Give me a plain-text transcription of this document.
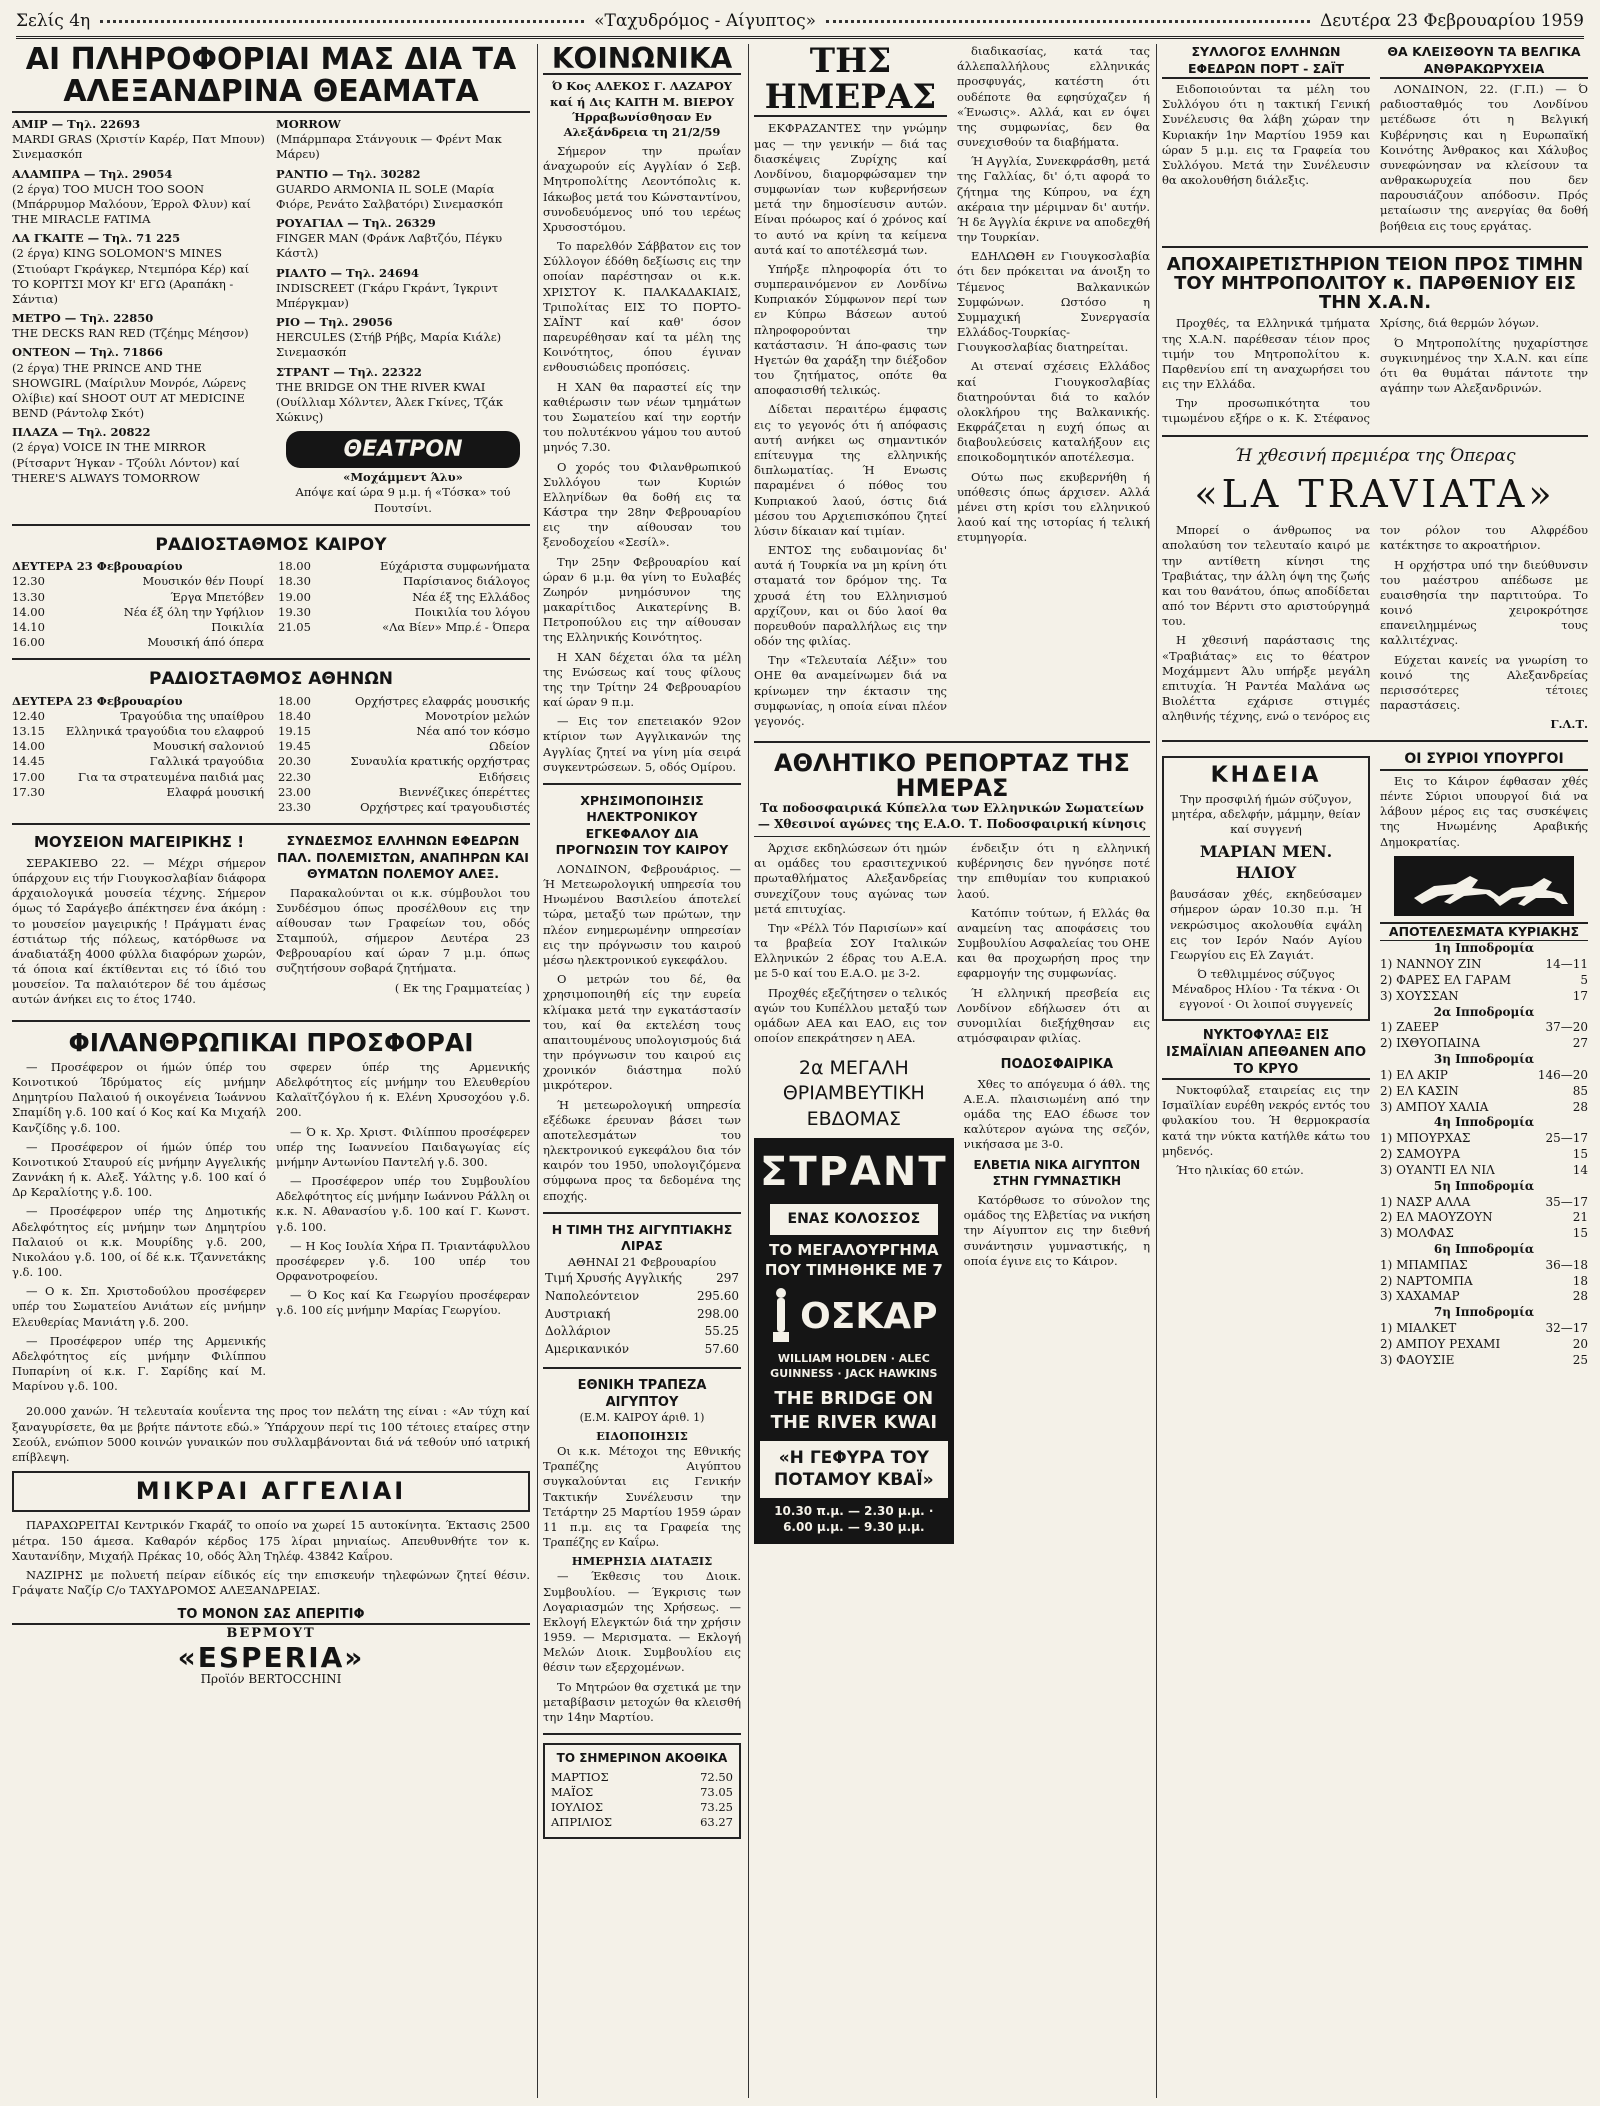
Σελίς 4η	«Ταχυδρόμος - Αίγυπτος»	Δευτέρα 23 Φεβρουαρίου 1959
ΑΙ ΠΛΗΡΟΦΟΡΙΑΙ ΜΑΣ ΔΙΑ ΤΑ ΑΛΕΞΑΝΔΡΙΝΑ ΘΕΑΜΑΤΑ
ΑΜΙΡ — Τηλ. 22693
MARDI GRAS (Χριστίν Καρέρ, Πατ Μπουν) Σινεμασκόπ
ΑΛΑΜΠΡΑ — Τηλ. 29054
(2 έργα) TOO MUCH TOO SOON (Μπάρρυμορ Μαλόουν, Έρρολ Φλυν) καί THE MIRACLE FATIMA
ΛΑ ΓΚΑΙΤΕ — Τηλ. 71 225
(2 έργα) KING SOLOMON'S MINES (Στιούαρτ Γκράγκερ, Ντεμπόρα Κέρ) καί ΤΟ ΚΟΡΙΤΣΙ ΜΟΥ ΚΙ' ΕΓΩ (Αραπάκη - Σάντια)
ΜΕΤΡΟ — Τηλ. 22850
THE DECKS RAN RED (Τζέημς Μέησον)
ΟΝΤΕΟΝ — Τηλ. 71866
(2 έργα) THE PRINCE AND THE SHOWGIRL (Μαίριλυν Μονρόε, Λώρενς Ολίβιε) καί SHOOT OUT AT MEDICINE BEND (Ράντολφ Σκότ)
ΠΛΑΖΑ — Τηλ. 20822
(2 έργα) VOICE IN THE MIRROR (Ρίτσαρντ Ήγκαν - Τζούλι Λόντον) καί THERE'S ALWAYS TOMORROW
MORROW
(Μπάρμπαρα Στάνγουικ — Φρέντ Μακ Μάρευ)
ΡΑΝΤΙΟ — Τηλ. 30282
GUARDO ARMONIA IL SOLE (Μαρία Φιόρε, Ρενάτο Σαλβατόρι) Σινεμασκόπ
ΡΟΥΑΓΙΑΛ — Τηλ. 26329
FINGER MAN (Φράνκ Λαβτζόυ, Πέγκυ Κάστλ)
ΡΙΑΛΤΟ — Τηλ. 24694
INDISCREET (Γκάρυ Γκράντ, Ίγκριντ Μπέργκμαν)
ΡΙΟ — Τηλ. 29056
HERCULES (Στήβ Ρήβς, Μαρία Κιάλε) Σινεμασκόπ
ΣΤΡΑΝΤ — Τηλ. 22322
THE BRIDGE ON THE RIVER KWAI (Ουίλλιαμ Χόλντεν, Άλεκ Γκίνες, Τζάκ Χώκινς)
ΘΕΑΤΡΟΝ
«Μοχάμμεντ Άλυ»
Απόψε καί ώρα 9 μ.μ. ή «Τόσκα» τού Πουτσίνι.
ΡΑΔΙΟΣΤΑΘΜΟΣ ΚΑΙΡΟΥ
ΔΕΥΤΕΡΑ 23 Φεβρουαρίου
12.30	Μουσικόν θέν Πουρί
13.30	Έργα Μπετόβεν
14.00	Νέα έξ όλη την Υφήλιον
14.10	Ποικιλία
16.00	Μουσική άπό όπερα
18.00	Εύχάριστα συμφωνήματα
18.30	Παρίσιανος διάλογος
19.00	Νέα έξ της Ελλάδος
19.30	Ποικιλία του λόγου
21.05	«Λα Βίεν» Μπρ.έ - Όπερα
ΡΑΔΙΟΣΤΑΘΜΟΣ ΑΘΗΝΩΝ
ΔΕΥΤΕΡΑ 23 Φεβρουαρίου
12.40	Τραγούδια της υπαίθρου
13.15 Ελληνικά τραγούδια του ελαφρού
14.00	Μουσική σαλονιού
14.45	Γαλλικά τραγούδια
17.00	Για τα στρατευμένα παιδιά μας
17.30	Ελαφρά μουσική
18.00	Ορχήστρες ελαφράς μουσικής
18.40	Μονοτρίον μελών
19.15	Νέα από τον κόσμο
19.45	Ωδείον
20.30	Συναυλία κρατικής ορχήστρας
22.30	Ειδήσεις
23.00	Βιεννέζικες όπερέττες
23.30	Ορχήστρες καί τραγουδιστές
ΜΟΥΣΕΙΟΝ ΜΑΓΕΙΡΙΚΗΣ !

ΣΕΡΑΚΙΕΒΟ 22. — Μέχρι σήμερον ύπάρχουν εις τήν Γιουγκοσλαβίαν διάφορα άρχαιολογικά μουσεία τέχνης. Σήμερον όμως τό Σαράγεβο άπέκτησεν ένα άκόμη : το μουσείον μαγειρικής ! Πράγματι ένας έστιάτωρ τής πόλεως, κατόρθωσε να άναδιατάξη 4000 φύλλα διαφόρων χωρών, τά όποια καί έκτίθενται εις τό ίδιό του μουσείον. Τα παλαιότερον δέ του άμέσως αυτών άνήκει εις το έτος 1740.

ΣΥΝΔΕΣΜΟΣ ΕΛΛΗΝΩΝ ΕΦΕΔΡΩΝ ΠΑΛ. ΠΟΛΕΜΙΣΤΩΝ, ΑΝΑΠΗΡΩΝ ΚΑΙ ΘΥΜΑΤΩΝ ΠΟΛΕΜΟΥ ΑΛΕΞ.

Παρακαλούνται οι κ.κ. σύμβουλοι του Συνδέσμου όπως προσέλθουν εις την αίθουσαν των Γραφείων του, οδός Σταμπούλ, σήμερον Δευτέρα 23 Φεβρουαρίου καί ώραν 7 μ.μ. όπως συζητήσουν σοβαρά ζητήματα.

( Εκ της Γραμματείας )
ΦΙΛΑΝΘΡΩΠΙΚΑΙ ΠΡΟΣΦΟΡΑΙ

— Προσέφερον οι ήμών ύπέρ του Κοινοτικού Ίδρύματος είς μνήμην Δημητρίου Παλαιού ή οικογένεια Ίωάννου Σπαμίδη γ.δ. 100 καί ό Κος καί Κα Μιχαήλ Κανζίδης γ.δ. 100.

— Προσέφερον οί ήμών ύπέρ του Κοινοτικού Σταυρού είς μνήμην Αγγελικής Ζαννάκη ή κ. Αλεξ. Υάλτης γ.δ. 100 καί ό Δρ Κεραλίοτης γ.δ. 100.

— Προσέφερον υπέρ της Δημοτικής Αδελφότητος είς μνήμην των Δημητρίου Παλαιού οι κ.κ. Μουρίδης γ.δ. 200, Νικολάου γ.δ. 100, οί δέ κ.κ. Τζαννετάκης γ.δ. 100.

— Ο κ. Σπ. Χριστοδούλου προσέφερεν υπέρ του Σωματείου Ανιάτων είς μνήμην Ελευθερίας Μανιάτη γ.δ. 200.

— Προσέφερον υπέρ της Αρμενικής Αδελφότητος είς μνήμην Φιλίππου Πυπαρίνη οί κ.κ. Γ. Σαρίδης καί Μ. Μαρίνου γ.δ. 100.

σφερεν ύπέρ της Αρμενικής Αδελφότητος είς μνήμην του Ελευθερίου Καλαϊτζόγλου ή κ. Ελένη Χρυσοχόου γ.δ. 200.

— Ό κ. Χρ. Χριστ. Φιλίππου προσέφερεν υπέρ της Ιωαννείου Παιδαγωγίας είς μνήμην Αντωνίου Παντελή γ.δ. 300.

— Προσέφερον υπέρ του Συμβουλίου Αδελφότητος είς μνήμην Ιωάννου Ράλλη οι κ.κ. Ν. Αθανασίου γ.δ. 100 καί Γ. Κωνστ. γ.δ. 100.

— Η Κος Ιουλία Χήρα Π. Τριαντάφυλλου προσέφερεν γ.δ. 100 υπέρ του Ορφανοτροφείου.

— Ό Κος καί Κα Γεωργίου προσέφεραν γ.δ. 100 είς μνήμην Μαρίας Γεωργίου.

20.000 χανών. Ή τελευταία κουΐεντα της προς τον πελάτη της είναι : «Αν τύχη καί ξαναγυρίσετε, θα με βρήτε πάντοτε εδώ.» Ύπάρχουν περί τις 100 τέτοιες εταίρες στην Σεούλ, ενώπιον 5000 κοινών γυναικών που συλλαμβάνονται διά νά τεθούν υπό ιατρική επίβλεψη.

ΜΙΚΡΑΙ ΑΓΓΕΛΙΑΙ

ΠΑΡΑΧΩΡΕΙΤΑΙ Κεντρικόν Γκαράζ το οποίο να χωρεί 15 αυτοκίνητα. Έκτασις 2500 μέτρα. 150 άμεσα. Καθαρόν κέρδος 175 λίραι μηνιαίως. Απευθυνθήτε τον κ. Χαυτανίδην, Μιχαήλ Πρέκας 10, οδός Άλη Τηλέφ. 43842 Καΐρου.

ΝΑΖΙΡΗΣ με πολυετή πείραν είδικός είς την επισκευήν τηλεφώνων ζητεί θέσιν. Γράψατε Ναζίρ C/o ΤΑΧΥΔΡΟΜΟΣ ΑΛΕΞΑΝΔΡΕΙΑΣ.

ΤΟ ΜΟΝΟΝ ΣΑΣ ΑΠΕΡΙΤΙΦ
ΒΕΡΜΟΥΤ
«ESPERIA»
Προϊόν BERTOCCHINI
ΚΟΙΝΩΝΙΚΑ
Ό Κος ΑΛΕΚΟΣ Γ. ΛΑΖΑΡΟΥ καί ή Δις ΚΑΙΤΗ Μ. ΒΙΕΡΟΥ Ήρραβωνίσθησαν Εν Αλεξάνδρεια τη 21/2/59

Σήμερον την πρωΐαν άναχωρούν είς Αγγλίαν ό Σεβ. Μητροπολίτης Λεοντόπολις κ. Ιάκωβος μετά του Κώνσταντίνου, συνοδευόμενος υπό του ιερέως Χρυσοστόμου.

Το παρελθόν Σάββατον εις τον Σύλλογον έδόθη δεξίωσις εις την οποίαν παρέστησαν οι κ.κ. ΧΡΙΣΤΟΥ Κ. ΠΑΛΚΑΔΑΚΙΑΙΣ, Τριπολίτας ΕΙΣ ΤΟ ΠΟΡΤΟ-ΣΑΪΝΤ καί καθ' όσον παρευρέθησαν καί τα μέλη της Κοινότητος, όπου έγιναν ενθουσιώδεις προπόσεις.

Η ΧΑΝ θα παραστεί είς την καθιέρωσιν των νέων τμημάτων του Σωματείου καί την εορτήν του πολυτέκνου γάμου του αυτού μηνός 7.30.

Ο χορός του Φιλανθρωπικού Συλλόγου των Κυριών Ελληνίδων θα δοθή εις τα Κάστρα την 28ην Φεβρουαρίου εις την αίθουσαν του ξενοδοχείου «Σεσίλ».

Την 25ην Φεβρουαρίου καί ώραν 6 μ.μ. θα γίνη το Ευλαβές Ζωηρόν μνημόσυνον της μακαρίτιδος Αικατερίνης Β. Πετροπούλου εις την αίθουσαν της Ελληνικής Κοινότητος.

Η ΧΑΝ δέχεται όλα τα μέλη της Ενώσεως καί τους φίλους της την Τρίτην 24 Φεβρουαρίου καί ώραν 9 π.μ.

— Εις τον επετειακόν 92ον κτίριον των Αγγλικανών της Αγγλίας ζητεί να γίνη μία σειρά συγκεντρώσεων. 5, οδός Ομίρου.

ΧΡΗΣΙΜΟΠΟΙΗΣΙΣ ΗΛΕΚΤΡΟΝΙΚΟΥ ΕΓΚΕΦΑΛΟΥ ΔΙΑ ΠΡΟΓΝΩΣΙΝ ΤΟΥ ΚΑΙΡΟΥ

ΛΟΝΔΙΝΟΝ, Φεβρουάριος. — Ή Μετεωρολογική υπηρεσία του Ηνωμένου Βασιλείου άποτελεί τώρα, μεταξύ των πρώτων, την πλέον ενημερωμένην υπηρεσίαν εις την πρόγνωσιν του καιρού μέσω ηλεκτρονικού εγκεφάλου.

Ο μετρών του δέ, θα χρησιμοποιηθή είς την ευρεία κλίμακα μετά την εγκατάστασίν του, καί θα εκτελέση τους απαιτουμένους υπολογισμούς διά την πρόγνωσιν του καιρού εις χρονικόν διάστημα πολύ μικρότερον.

Ή μετεωρολογική υπηρεσία εξέδωκε έρευναν βάσει των αποτελεσμάτων του ηλεκτρονικού εγκεφάλου δια τόν καιρόν του 1950, υπολογιζόμενα σύμφωνα προς τα δεδομένα της εποχής.

Η ΤΙΜΗ ΤΗΣ ΑΙΓΥΠΤΙΑΚΗΣ ΛΙΡΑΣ
ΑΘΗΝΑΙ 21 Φεβρουαρίου
Τιμή Χρυσής Αγγλικής	297
Ναπολεόντειον	295.60
Αυστριακή	298.00
Δολλάριον	55.25
Αμερικανικόν	57.60
ΕΘΝΙΚΗ ΤΡΑΠΕΖΑ ΑΙΓΥΠΤΟΥ
(Ε.Μ. ΚΑΙΡΟΥ άριθ. 1)
ΕΙΔΟΠΟΙΗΣΙΣ

Οι κ.κ. Μέτοχοι της Εθνικής Τραπέζης Αιγύπτου συγκαλούνται εις Γενικήν Τακτικήν Συνέλευσιν την Τετάρτην 25 Μαρτίου 1959 ώραν 11 π.μ. εις τα Γραφεία της Τραπέζης εν Καΐρω.

ΗΜΕΡΗΣΙΑ ΔΙΑΤΑΞΙΣ

— Έκθεσις του Διοικ. Συμβουλίου. — Έγκρισις των Λογαριασμών της Χρήσεως. — Εκλογή Ελεγκτών διά την χρήσιν 1959. — Μερισματα. — Εκλογή Μελών Διοικ. Συμβουλίου εις θέσιν των εξερχομένων.

Το Μητρώον θα σχετικά με την μεταβίβασιν μετοχών θα κλεισθή την 14ην Μαρτίου.

ΤΟ ΣΗΜΕΡΙΝΟΝ ΑΚΟΘΙΚΑ
ΜΑΡΤΙΟΣ	72.50
ΜΑΪΟΣ	73.05
ΙΟΥΛΙΟΣ	73.25
ΑΠΡΙΛΙΟΣ	63.27
ΤΗΣ ΗΜΕΡΑΣ

ΕΚΦΡΑΖΑΝΤΕΣ την γνώμην μας — την γενικήν — διά τας διασκέψεις Ζυρίχης καί Λονδίνου, διαμορφώσαμεν την συμφωνίαν των κυβερνήσεων μετά την δημοσίευσιν αυτών. Είναι πρόωρος καί ό χρόνος καί το αυτό να κρίνη τα κείμενα αυτά καί το αποτέλεσμά των.

Υπήρξε πληροφορία ότι το συμπεραινόμενον εν Λονδίνω Κυπριακόν Σύμφωνον περί των εν Κύπρω Βάσεων αυτού πληροφορούνται την κατάστασιν. Ή άπο-φασις των Ηγετών θα χαράξη την διέξοδον του ζητήματος, οπότε θα αποφασισθή τελικώς.

Δίδεται περαιτέρω έμφασις εις το γεγονός ότι ή απόφασις αυτή ανήκει ως σημαντικόν επίτευγμα της ελληνικής διπλωματίας. Ή Ενωσις παραμένει ό πόθος του Κυπριακού λαού, όστις διά μέσου του Αρχιεπισκόπου ζητεί λύσιν δίκαιαν καί τιμίαν.

ΕΝΤΟΣ της ευδαιμονίας δι' αυτά ή Τουρκία να μη κρίνη ότι σταματά τον δρόμον της. Τα χρυσά έτη του Ελληνισμού αρχίζουν, και οι δύο λαοί θα πορευθούν παραλλήλως εις την οδόν της φιλίας.

Την «Τελευταία Λέξιν» του ΟΗΕ θα αναμείνωμεν διά να κρίνωμεν την έκτασιν της συμφωνίας, η οποία είναι πλέον γεγονός.

διαδικασίας, κατά τας άλλεπαλλήλους ελληνικάς προσφυγάς, κατέστη ότι ουδέποτε θα εφησύχαζεν ή «Ένωσις». Αλλά, και εν όψει της συμφωνίας, δεν θα συνεχισθούν τα διαβήματα.

Ή Αγγλία, Συνεκφράσθη, μετά της Γαλλίας, δι' ό,τι αφορά το ζήτημα της Κύπρου, να έχη ακέραια την μέριμναν δι' αυτήν. Ή δε Άγγλία έκρινε να αποδεχθή την Τουρκίαν.

ΕΔΗΛΩΘΗ εν Γιουγκοσλαβία ότι δεν πρόκειται να άνοιξη το Τέμενος Βαλκανικών Συμφώνων. Ωστόσο η Συμμαχική Συνεργασία Ελλάδος-Τουρκίας-Γιουγκοσλαβίας διατηρείται.

Αι στεναί σχέσεις Ελλάδος καί Γιουγκοσλαβίας διατηρούνται διά το καλόν ολοκλήρου της Βαλκανικής. Εκφράζεται η ευχή όπως αι διαβουλεύσεις καταλήξουν εις εποικοδομητικόν αποτέλεσμα.

Ούτω πως εκυβερνήθη ή υπόθεσις όπως άρχισεν. Αλλά μένει στη κρίσι του ελληνικού λαού καί της ιστορίας ή τελική ετυμηγορία.

ΑΘΛΗΤΙΚΟ ΡΕΠΟΡΤΑΖ ΤΗΣ ΗΜΕΡΑΣ
Τα ποδοσφαιρικά Κύπελλα των Ελληνικών Σωματείων — Χθεσινοί αγώνες της Ε.Α.Ο. Τ. Ποδοσφαιρική κίνησις

Άρχισε εκδηλώσεων ότι ημών αι ομάδες του ερασιτεχνικού πρωταθλήματος Αλεξανδρείας συνεχίζουν τους αγώνας των μετά επιτυχίας.

Την «Ρέλλ Τόν Παρισίων» καί τα βραβεία ΣΟΥ Ιταλικών Ελληνικών 2 έδρας του Α.Ε.Α. με 5-0 καί του Ε.Α.Ο. με 3-2.

Προχθές εξεζήτησεν ο τελικός αγών του Κυπέλλου μεταξύ των ομάδων ΑΕΑ και ΕΑΟ, εις τον οποίον επεκράτησεν η ΑΕΑ.

ένδειξιν ότι η ελληνική κυβέρνησις δεν ηγνόησε ποτέ την επιθυμίαν του κυπριακού λαού.

Κατόπιν τούτων, ή Ελλάς θα αναμείνη τας αποφάσεις του Συμβουλίου Ασφαλείας του ΟΗΕ και θα προχωρήση προς την εφαρμογήν της συμφωνίας.

Ή ελληνική πρεσβεία εις Λονδίνον εδήλωσεν ότι αι συνομιλίαι διεξήχθησαν εις ατμόσφαιραν φιλίας.

2α ΜΕΓΑΛΗ
ΘΡΙΑΜΒΕΥΤΙΚΗ
ΕΒΔΟΜΑΣ
ΣΤΡΑΝΤ
ΕΝΑΣ ΚΟΛΟΣΣΟΣ
ΤΟ ΜΕΓΑΛΟΥΡΓΗΜΑ ΠΟΥ ΤΙΜΗΘΗΚΕ ΜΕ 7
ΟΣΚΑΡ
WILLIAM HOLDEN · ALEC GUINNESS · JACK HAWKINS
THE BRIDGE ON THE RIVER KWAI
«Η ΓΕΦΥΡΑ ΤΟΥ ΠΟΤΑΜΟΥ ΚΒΑΪ»
10.30 π.μ. — 2.30 μ.μ. · 6.00 μ.μ. — 9.30 μ.μ.
ΠΟΔΟΣΦΑΙΡΙΚΑ

Χθες το απόγευμα ό άθλ. της Α.Ε.Α. πλαισιωμένη από την ομάδα της ΕΑΟ έδωσε τον καλύτερον αγώνα της σεζόν, νικήσασα με 3-0.

ΕΛΒΕΤΙΑ ΝΙΚΑ ΑΙΓΥΠΤΟΝ ΣΤΗΝ ΓΥΜΝΑΣΤΙΚΗ

Κατόρθωσε το σύνολον της ομάδος της Ελβετίας να νικήση την Αίγυπτον εις την διεθνή συνάντησιν γυμναστικής, η οποία έγινε εις το Κάιρον.

ΣΥΛΛΟΓΟΣ ΕΛΛΗΝΩΝ ΕΦΕΔΡΩΝ ΠΟΡΤ - ΣΑΪΤ

Ειδοποιούνται τα μέλη του Συλλόγου ότι η τακτική Γενική Συνέλευσις θα λάβη χώραν την Κυριακήν 1ην Μαρτίου 1959 και ώραν 5 μ.μ. εις τα Γραφεία του Συλλόγου. Μετά την Συνέλευσιν θα ακολουθήση διάλεξις.

ΘΑ ΚΛΕΙΣΘΟΥΝ ΤΑ ΒΕΛΓΙΚΑ ΑΝΘΡΑΚΩΡΥΧΕΙΑ

ΛΟΝΔΙΝΟΝ, 22. (Γ.Π.) — Ό ραδιοσταθμός του Λονδίνου μετέδωσε ότι η Βελγική Κυβέρνησις και η Ευρωπαϊκή Κοινότης Άνθρακος και Χάλυβος συνεφώνησαν να κλείσουν τα ανθρακωρυχεία που δεν παρουσιάζουν απόδοσιν. Πρός μεταίωσιν της ανεργίας θα δοθή βοήθεια εις τους εργάτας.

ΑΠΟΧΑΙΡΕΤΙΣΤΗΡΙΟΝ ΤΕΙΟΝ ΠΡΟΣ ΤΙΜΗΝ ΤΟΥ ΜΗΤΡΟΠΟΛΙΤΟΥ κ. ΠΑΡΘΕΝΙΟΥ ΕΙΣ ΤΗΝ Χ.Α.Ν.

Προχθές, τα Ελληνικά τμήματα της Χ.Α.Ν. παρέθεσαν τέιον προς τιμήν του Μητροπολίτου κ. Παρθενίου επί τη αναχωρήσει του εις την Ελλάδα.

Την προσωπικότητα του τιμωμένου εξήρε ο κ. Κ. Στέφανος Χρίσης, διά θερμών λόγων.

Ό Μητροπολίτης ηυχαρίστησε συγκινημένος την Χ.Α.Ν. και είπε ότι θα θυμάται πάντοτε την αγάπην των Αλεξανδρινών.

Ή χθεσινή πρεμιέρα της Όπερας
«LA TRAVIATA»

Μπορεί ο άνθρωπος να απολαύση τον τελευταίο καιρό με την αντίθετη κίνησι της Τραβιάτας, την άλλη όψη της ζωής και του θανάτου, όπως αποδίδεται από τον Βέρντι στο αριστούργημά του.

Η χθεσινή παράστασις της «Τραβιάτας» εις το θέατρον Μοχάμμεντ Άλυ υπήρξε μεγάλη επιτυχία. Ή Ραντέα Μαλάνα ως Βιολέττα εχάρισε στιγμές αληθινής τέχνης, ενώ ο τενόρος εις τον ρόλον του Αλφρέδου κατέκτησε το ακροατήριον.

Η ορχήστρα υπό την διεύθυνσιν του μαέστρου απέδωσε με ευαισθησία την παρτιτούρα. Το κοινό χειροκρότησε επανειλημμένως τους καλλιτέχνας.

Εύχεται κανείς να γνωρίση το κοινό της Αλεξανδρείας περισσότερες τέτοιες παραστάσεις.

Γ.Λ.Τ.
ΚΗΔΕΙΑ
Την προσφιλή ήμών σύζυγον, μητέρα, αδελφήν, μάμμην, θείαν καί συγγενή
ΜΑΡΙΑΝ ΜΕΝ. ΗΛΙΟΥ
βαυσάσαν χθές, εκηδεύσαμεν σήμερον ώραν 10.30 π.μ. Ή νεκρώσιμος ακολουθία εψάλη εις τον Ιερόν Ναόν Αγίου Γεωργίου εις Ελ Ζαγιάτ.
Ό τεθλιμμένος σύζυγος Μέναδρος Ηλίου · Τα τέκνα · Οι εγγονοί · Οι λοιποί συγγενείς
ΝΥΚΤΟΦΥΛΑΞ ΕΙΣ ΙΣΜΑΪΛΙΑΝ ΑΠΕΘΑΝΕΝ ΑΠΟ ΤΟ ΚΡΥΟ

Νυκτοφύλαξ εταιρείας εις την Ισμαϊλίαν ευρέθη νεκρός εντός του φυλακίου του. Ή θερμοκρασία κατά την νύκτα κατήλθε κάτω του μηδενός.

Ήτο ηλικίας 60 ετών.

ΟΙ ΣΥΡΙΟΙ ΥΠΟΥΡΓΟΙ

Εις το Κάιρον έφθασαν χθές πέντε Σύριοι υπουργοί διά να λάβουν μέρος εις τας συσκέψεις της Ηνωμένης Αραβικής Δημοκρατίας.

ΑΠΟΤΕΛΕΣΜΑΤΑ ΚΥΡΙΑΚΗΣ
1η Ιπποδρομία
1) ΝΑΝΝΟΥ ΖΙΝ	14—11
2) ΦΑΡΕΣ ΕΛ ΓΑΡΑΜ	5
3) ΧΟΥΣΣΑΝ	17
2α Ιπποδρομία
1) ΖΑΕΕΡ	37—20
2) ΙΧΘΥΟΠΑΙΝΑ	27
3η Ιπποδρομία
1) ΕΛ ΑΚΙΡ	146—20
2) ΕΛ ΚΑΣΙΝ	85
3) ΑΜΠΟΥ ΧΑΛΙΑ	28
4η Ιπποδρομία
1) ΜΠΟΥΡΧΑΣ	25—17
2) ΣΑΜΟΥΡΑ	15
3) ΟΥΑΝΤΙ ΕΛ ΝΙΛ	14
5η Ιπποδρομία
1) ΝΑΣΡ ΑΛΛΑ	35—17
2) ΕΛ ΜΑΟΥΖΟΥΝ	21
3) ΜΟΛΦΑΣ	15
6η Ιπποδρομία
1) ΜΠΑΜΠΑΣ	36—18
2) ΝΑΡΤΟΜΠΑ	18
3) ΧΑΧΑΜΑΡ	28
7η Ιπποδρομία
1) ΜΙΑΛΚΕΤ	32—17
2) ΑΜΠΟΥ ΡΕΧΑΜΙ	20
3) ΦΑΟΥΣΙΕ	25
